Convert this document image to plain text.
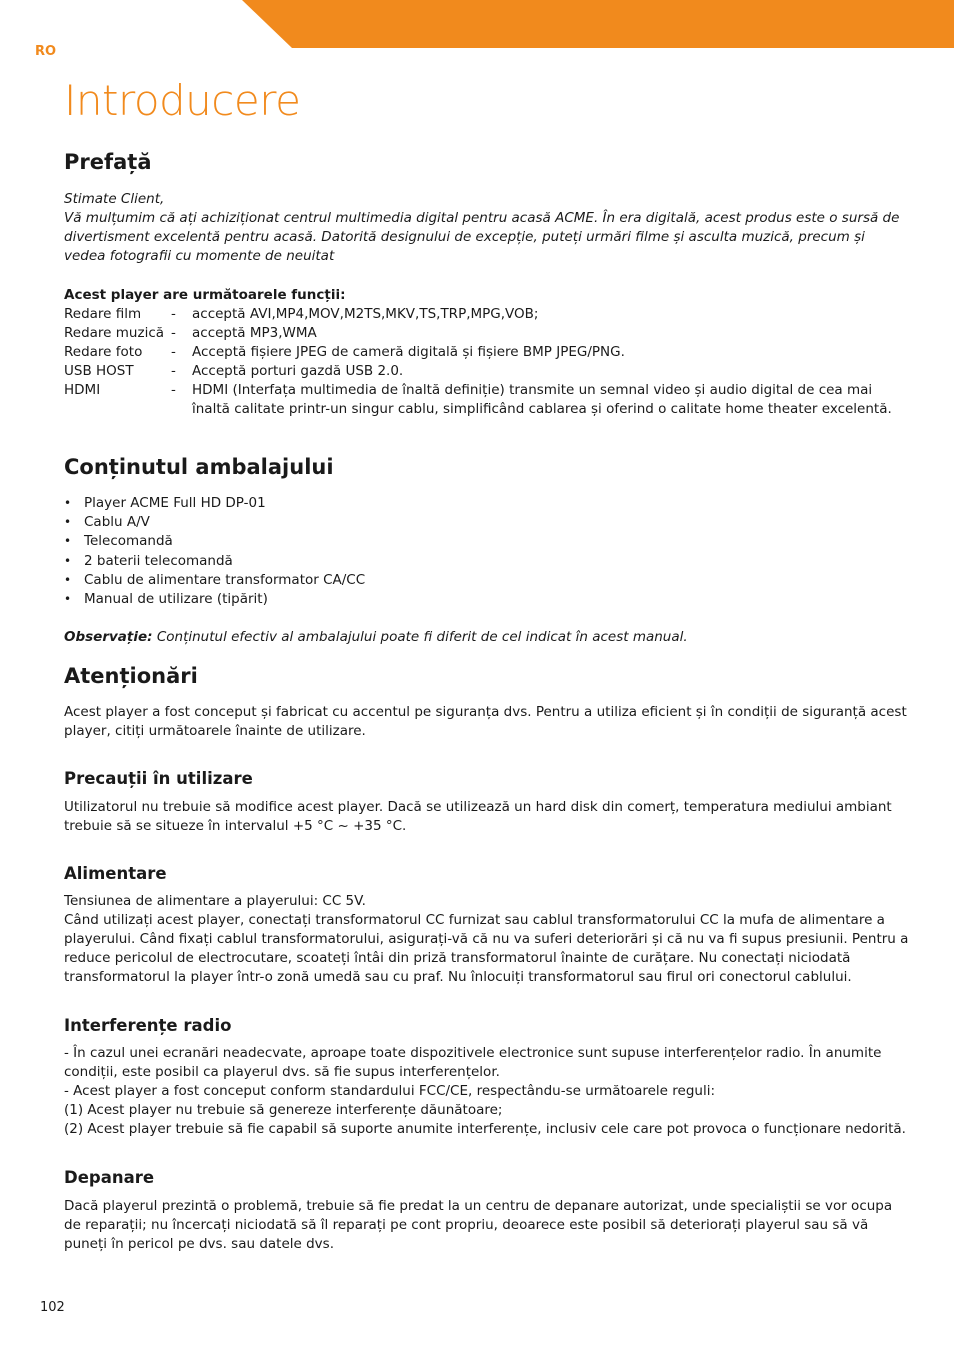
RO
Introducere
Prefață
Stimate Client,
Vă mulțumim că ați achiziționat centrul multimedia digital pentru acasă ACME. În era digitală, acest produs este o sursă de divertisment excelentă pentru acasă. Datorită designului de excepție, puteți urmări filme și asculta muzică, precum și vedea fotografii cu momente de neuitat
Acest player are următoarele funcții:
Redare film	- acceptă AVI,MP4,MOV,M2TS,MKV,TS,TRP,MPG,VOB;
Redare muzică - acceptă MP3,WMA
Redare foto	- Acceptă fișiere JPEG de cameră digitală și fișiere BMP JPEG/PNG.
USB HOST	- Acceptă porturi gazdă USB 2.0.
HDMI	- HDMI (Interfața multimedia de înaltă definiție) transmite un semnal video și audio digital de cea mai înaltă calitate printr-un singur cablu, simplificând cablarea și oferind o calitate home theater excelentă.
Conținutul ambalajului
• Player ACME Full HD DP-01
• Cablu A/V
• Telecomandă
• 2 baterii telecomandă
• Cablu de alimentare transformator CA/CC
• Manual de utilizare (tipărit)
Observație: Conținutul efectiv al ambalajului poate fi diferit de cel indicat în acest manual.
Atenționări
Acest player a fost conceput și fabricat cu accentul pe siguranța dvs. Pentru a utiliza eficient și în condiții de siguranță acest player, citiți următoarele înainte de utilizare.
Precauții în utilizare
Utilizatorul nu trebuie să modifice acest player. Dacă se utilizează un hard disk din comerț, temperatura mediului ambiant trebuie să se situeze în intervalul +5 °C ~ +35 °C.
Alimentare
Tensiunea de alimentare a playerului: CC 5V.
Când utilizați acest player, conectați transformatorul CC furnizat sau cablul transformatorului CC la mufa de alimentare a playerului. Când fixați cablul transformatorului, asigurați-vă că nu va suferi deteriorări și că nu va fi supus presiunii. Pentru a reduce pericolul de electrocutare, scoateți întâi din priză transformatorul înainte de curățare. Nu conectați niciodată transformatorul la player într-o zonă umedă sau cu praf. Nu înlocuiți transformatorul sau firul ori conectorul cablului.
Interferențe radio
- În cazul unei ecranări neadecvate, aproape toate dispozitivele electronice sunt supuse interferențelor radio. În anumite condiții, este posibil ca playerul dvs. să fie supus interferențelor.
- Acest player a fost conceput conform standardului FCC/CE, respectându-se următoarele reguli:
(1) Acest player nu trebuie să genereze interferențe dăunătoare;
(2) Acest player trebuie să fie capabil să suporte anumite interferențe, inclusiv cele care pot provoca o funcționare nedorită.
Depanare
Dacă playerul prezintă o problemă, trebuie să fie predat la un centru de depanare autorizat, unde specialiștii se vor ocupa de reparații; nu încercați niciodată să îl reparați pe cont propriu, deoarece este posibil să deteriorați playerul sau să vă puneți în pericol pe dvs. sau datele dvs.
102
